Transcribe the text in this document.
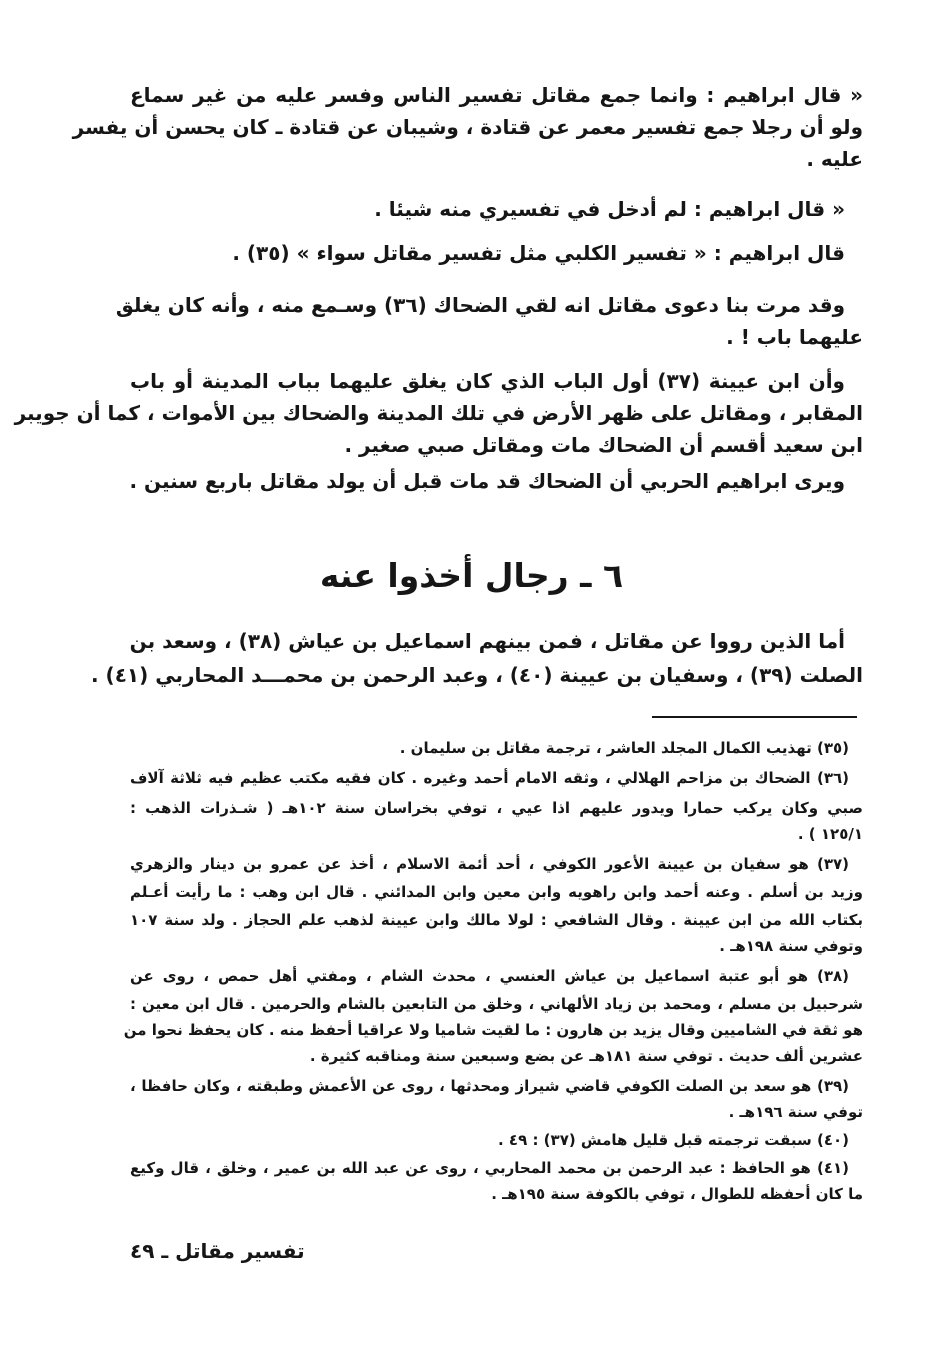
« قال ابراهيم : وانما جمع مقاتل تفسير الناس وفسر عليه من غير سماع
ولو أن رجلا جمع تفسير معمر عن قتادة ، وشيبان عن قتادة ـ كان يحسن أن يفسر
عليه .
« قال ابراهيم : لم أدخل في تفسيري منه شيئا .
قال ابراهيم : « تفسير الكلبي مثل تفسير مقاتل سواء » (٣٥) .
وقد مرت بنا دعوى مقاتل انه لقي الضحاك (٣٦) وسـمع منه ، وأنه كان يغلق
عليهما باب ! .
وأن ابن عيينة (٣٧) أول الباب الذي كان يغلق عليهما بباب المدينة أو باب
المقابر ، ومقاتل على ظهر الأرض في تلك المدينة والضحاك بين الأموات ، كما أن جويبر
ابن سعيد أقسم أن الضحاك مات ومقاتل صبي صغير .
ويرى ابراهيم الحربي أن الضحاك قد مات قبل أن يولد مقاتل باربع سنين .
٦ ـ رجال أخذوا عنه
أما الذين رووا عن مقاتل ، فمن بينهم اسماعيل بن عياش (٣٨) ، وسعد بن
الصلت (٣٩) ، وسفيان بن عيينة (٤٠) ، وعبد الرحمن بن محمـــد المحاربي (٤١) .
(٣٥) تهذيب الكمال المجلد العاشر ، ترجمة مقاتل بن سليمان .
(٣٦) الضحاك بن مزاحم الهلالي ، وثقه الامام أحمد وغيره . كان فقيه مكتب عظيم فيه ثلاثة آلاف
صبي وكان يركب حمارا ويدور عليهم اذا عيي ، توفي بخراسان سنة ١٠٢هـ ( شـذرات الذهب :
١٢٥/١ ) .
(٣٧) هو سفيان بن عيينة الأعور الكوفي ، أحد أئمة الاسلام ، أخذ عن عمرو بن دينار والزهري
وزيد بن أسلم . وعنه أحمد وابن راهويه وابن معين وابن المدائني . قال ابن وهب : ما رأيت أعـلم
بكتاب الله من ابن عيينة . وقال الشافعي : لولا مالك وابن عيينة لذهب علم الحجاز . ولد سنة ١٠٧
وتوفي سنة ١٩٨هـ .
(٣٨) هو أبو عتبة اسماعيل بن عياش العنسي ، محدث الشام ، ومفتي أهل حمص ، روى عن
شرحبيل بن مسلم ، ومحمد بن زياد الألهاني ، وخلق من التابعين بالشام والحرمين . قال ابن معين :
هو ثقة في الشاميين وقال يزيد بن هارون : ما لقيت شاميا ولا عراقيا أحفظ منه . كان يحفظ نحوا من
عشرين ألف حديث . توفي سنة ١٨١هـ عن بضع وسبعين سنة ومناقبه كثيرة .
(٣٩) هو سعد بن الصلت الكوفي قاضي شيراز ومحدثها ، روى عن الأعمش وطبقته ، وكان حافظا ،
توفي سنة ١٩٦هـ .
(٤٠) سبقت ترجمته قبل قليل هامش (٣٧) : ٤٩ .
(٤١) هو الحافظ : عبد الرحمن بن محمد المحاربي ، روى عن عبد الله بن عمير ، وخلق ، قال وكيع
ما كان أحفظه للطوال ، توفي بالكوفة سنة ١٩٥هـ .
تفسير مقاتل ـ ٤٩
